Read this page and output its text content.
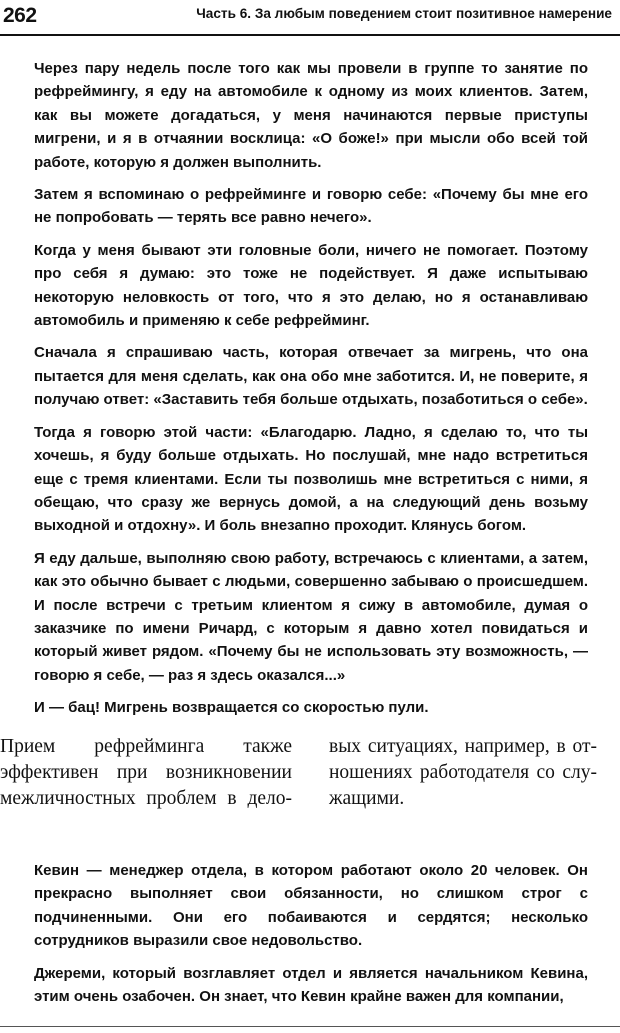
262	Часть 6. За любым поведением стоит позитивное намерение

Через пару недель после того как мы провели в группе то занятие по рефреймингу, я еду на автомобиле к одному из моих клиентов. Затем, как вы можете догадаться, у меня начинаются первые приступы мигрени, и я в отчаянии восклица: «О боже!» при мысли обо всей той работе, которую я должен выполнить.

Затем я вспоминаю о рефрейминге и говорю себе: «Почему бы мне его не попробовать — терять все равно нечего».

Когда у меня бывают эти головные боли, ничего не помогает. Поэтому про себя я думаю: это тоже не подействует. Я даже испытываю некоторую неловкость от того, что я это делаю, но я останавливаю автомобиль и применяю к себе рефрейминг.

Сначала я спрашиваю часть, которая отвечает за мигрень, что она пытается для меня сделать, как она обо мне заботится. И, не поверите, я получаю ответ: «Заставить тебя больше отдыхать, позаботиться о себе».

Тогда я говорю этой части: «Благодарю. Ладно, я сделаю то, что ты хочешь, я буду больше отдыхать. Но послушай, мне надо встретиться еще с тремя клиентами. Если ты позволишь мне встретиться с ними, я обещаю, что сразу же вернусь домой, а на следующий день возьму выходной и отдохну». И боль внезапно проходит. Клянусь богом.

Я еду дальше, выполняю свою работу, встречаюсь с клиентами, а затем, как это обычно бывает с людьми, совершенно забываю о происшедшем. И после встречи с третьим клиентом я сижу в автомобиле, думая о заказчике по имени Ричард, с которым я давно хотел повидаться и который живет рядом. «Почему бы не использовать эту возможность, — говорю я себе, — раз я здесь оказался...»

И — бац! Мигрень возвращается со скоростью пули.

Прием рефрейминга также
эффективен при возникновении
межличностных проблем в дело-
вых ситуациях, например, в от-
ношениях работодателя со слу-
жащими.

Кевин — менеджер отдела, в котором работают около 20 человек. Он прекрасно выполняет свои обязанности, но слишком строг с подчиненными. Они его побаиваются и сердятся; несколько сотрудников выразили свое недовольство.

Джереми, который возглавляет отдел и является начальником Кевина, этим очень озабочен. Он знает, что Кевин крайне важен для компании,
